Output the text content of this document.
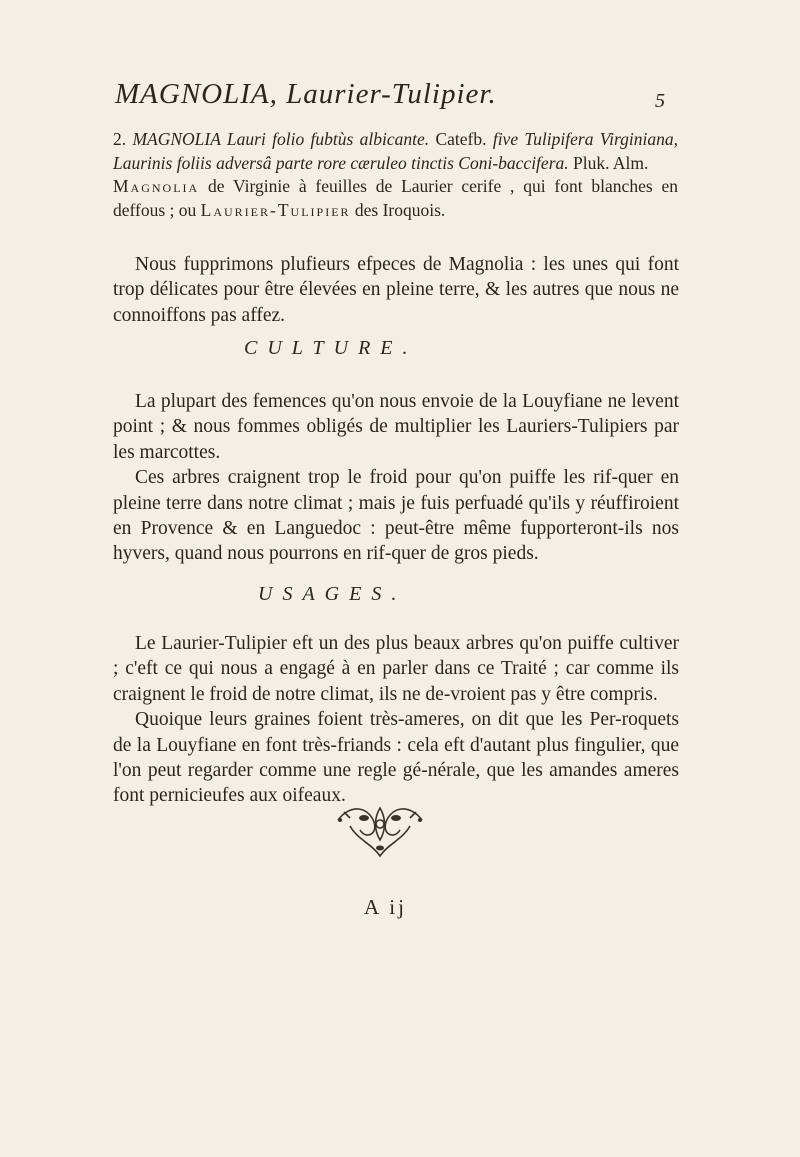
MAGNOLIA, Laurier-Tulipier.	5
2. MAGNOLIA Lauri folio fubtùs albicante. Catefb. five Tulipifera Virginiana, Laurinis foliis adversâ parte rore cæruleo tinctis Coni-baccifera. Pluk. Alm.
Magnolia de Virginie à feuilles de Laurier cerife , qui font blanches en deffous ; ou Laurier-Tulipier des Iroquois.

Nous fupprimons plufieurs efpeces de Magnolia : les unes qui font trop délicates pour être élevées en pleine terre, & les autres que nous ne connoiffons pas affez.

CULTURE.

La plupart des femences qu'on nous envoie de la Louyfiane ne levent point ; & nous fommes obligés de multiplier les Lauriers-Tulipiers par les marcottes.

Ces arbres craignent trop le froid pour qu'on puiffe les rif-quer en pleine terre dans notre climat ; mais je fuis perfuadé qu'ils y réuffiroient en Provence & en Languedoc : peut-être même fupporteront-ils nos hyvers, quand nous pourrons en rif-quer de gros pieds.

USAGES.

Le Laurier-Tulipier eft un des plus beaux arbres qu'on puiffe cultiver ; c'eft ce qui nous a engagé à en parler dans ce Traité ; car comme ils craignent le froid de notre climat, ils ne de-vroient pas y être compris.

Quoique leurs graines foient très-ameres, on dit que les Per-roquets de la Louyfiane en font très-friands : cela eft d'autant plus fingulier, que l'on peut regarder comme une regle gé-nérale, que les amandes ameres font pernicieufes aux oifeaux.

A ij
